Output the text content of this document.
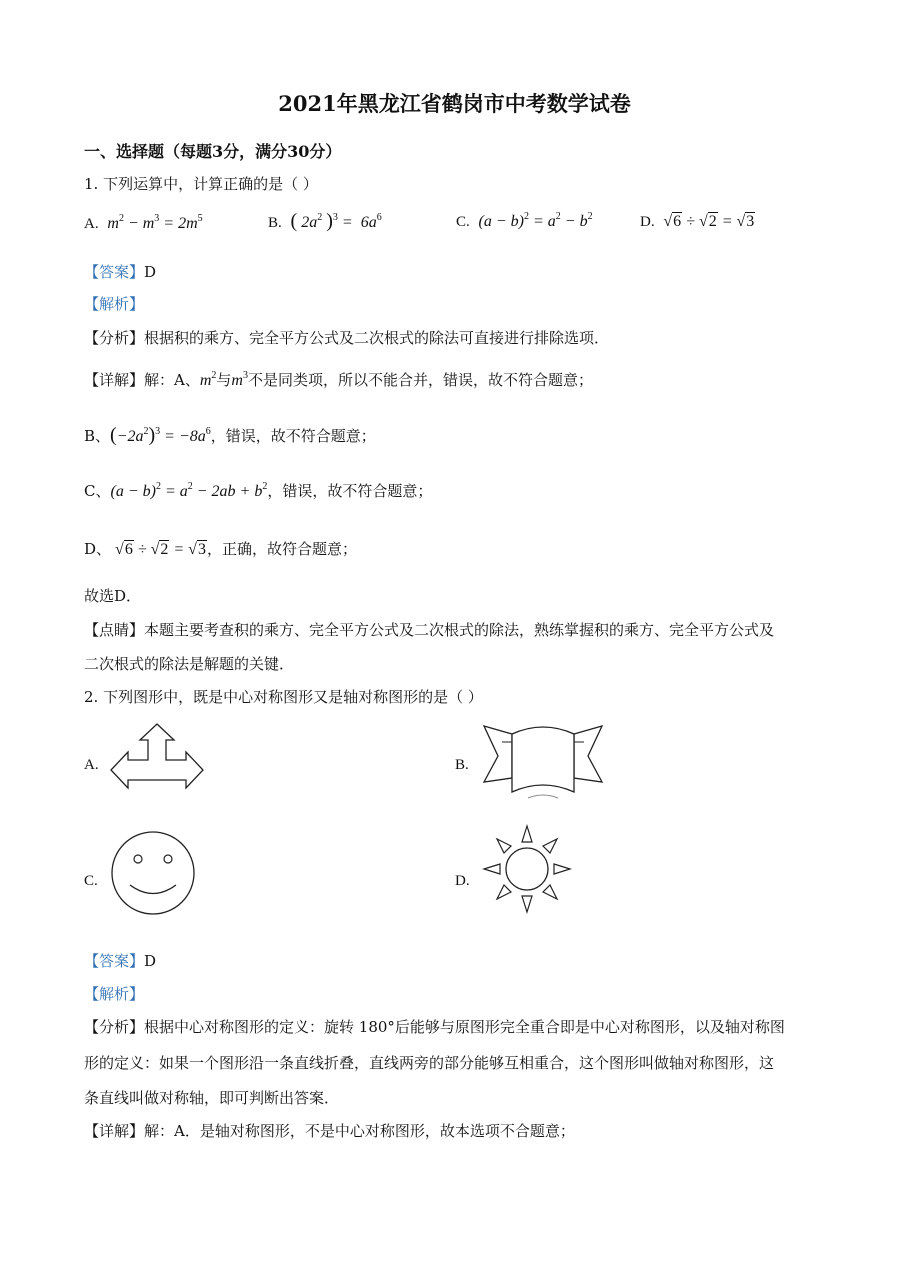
2021年黑龙江省鹤岗市中考数学试卷
一、选择题（每题3分，满分30分）
1. 下列运算中，计算正确的是（ ）
A.  $m^2 - m^3 = 2m^5$	B. ( $2a^2$ )$^3 = 6a^6$	C.  $(a - b)^2 = a^2 - b^2$	D.  √6 ÷ √2 = √3
【答案】D
【解析】
【分析】根据积的乘方、完全平方公式及二次根式的除法可直接进行排除选项．
【详解】解：A、$m^2$与$m^3$不是同类项，所以不能合并，错误，故不符合题意；
B、$(-2a^2)^3 = -8a^6$，错误，故不符合题意；
C、$(a - b)^2 = a^2 - 2ab + b^2$，错误，故不符合题意；
D、 √6 ÷ √2 = √3，正确，故符合题意；
故选D．
【点睛】本题主要考查积的乘方、完全平方公式及二次根式的除法，熟练掌握积的乘方、完全平方公式及
二次根式的除法是解题的关键．
2. 下列图形中，既是中心对称图形又是轴对称图形的是（ ）
A.	B.
C.	D.
【答案】D
【解析】
【分析】根据中心对称图形的定义：旋转 180°后能够与原图形完全重合即是中心对称图形，以及轴对称图
形的定义：如果一个图形沿一条直线折叠，直线两旁的部分能够互相重合，这个图形叫做轴对称图形，这
条直线叫做对称轴，即可判断出答案．
【详解】解：A．是轴对称图形，不是中心对称图形，故本选项不合题意；
